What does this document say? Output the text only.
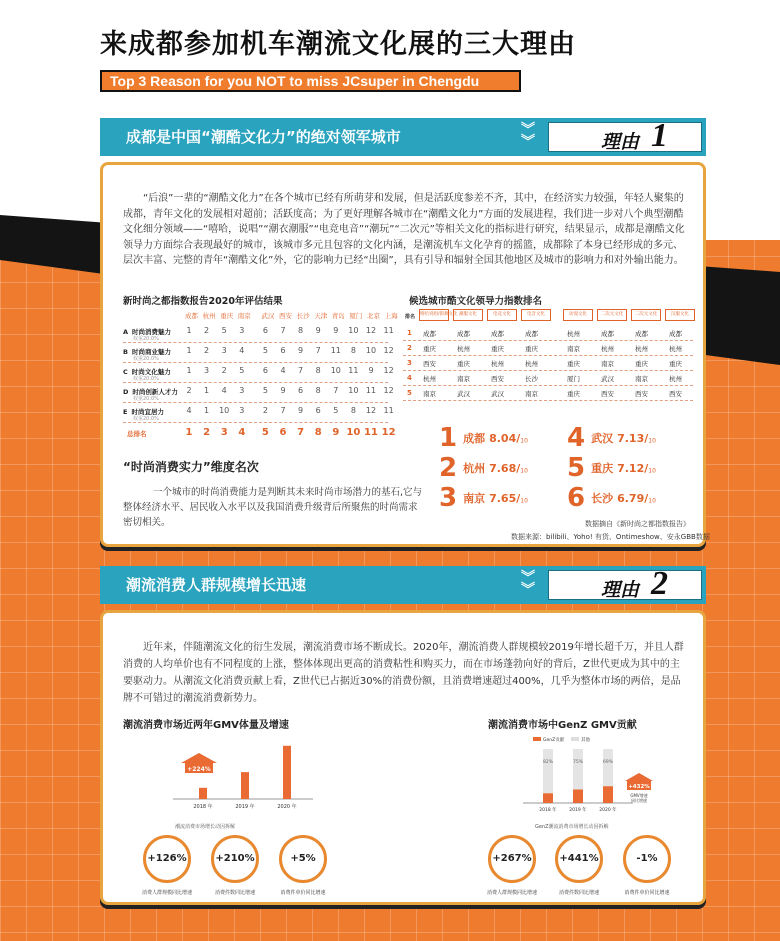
来成都参加机车潮流文化展的三大理由
Top 3 Reason for you NOT to miss JCsuper in Chengdu
成都是中国“潮酷文化力”的绝对领军城市	︾
︾	理由 1
“后浪”一辈的“潮酷文化力”在各个城市已经有所萌芽和发展，但是活跃度参差不齐，其中，在经济实力较强，年轻人聚集的成都，青年文化的发展相对超前；活跃度高；为了更好理解各城市在“潮酷文化力”方面的发展进程，我们进一步对八个典型潮酷文化细分领域——“嘻哈，说唱”“潮衣潮服”“电竞电音”“潮玩”“二次元”等相关文化的指标进行研究，结果显示，成都是潮酷文化领导力方面综合表现最好的城市，该城市多元且包容的文化内涵，是潮流机车文化孕育的摇篮，成都除了本身已经形成的多元、层次丰富、完整的青年“潮酷文化”外，它的影响力已经“出圈”，具有引导和辐射全国其他地区及城市的影响力和对外输出能力。
新时尚之都指数报告2020年评估结果
成都 杭州 重庆 南京 武汉 西安 长沙 天津 青岛 厦门 北京 上海
A 时尚消费魅力
权重20.0%
1	2	5	3	6	7	8	9	9	10 12 11
B 时尚商业魅力
权重20.0%
1	2	3	4	5	6	9	7	11	8	10 12
C 时尚文化魅力
权重20.0%
1	3	2	5	6	4	7	8	10 11	9	12
D 时尚创新人才力
权重20.0%
2	1	4	3	5	9	6	8	7	10 11 12
E 时尚宜居力
权重20.0%
4	1	10	3	2	7	9	6	5	8	12 11
总排名	1	2	3	4	5	6	7	8	9 10 11 12
候选城市酷文化领导力指数排名
排名 嘻哈说唱/街舞文化 潮服文化	电竞文化	电音文化	动漫文化	二次元文化	二次元文化	汉服文化
1 成都	成都	成都	成都	杭州	成都	成都	成都
2 重庆	杭州	重庆	重庆	南京	杭州	杭州	杭州
3 西安	重庆	杭州	杭州	重庆	南京	重庆	重庆
4 杭州	南京	西安	长沙	厦门	武汉	南京	杭州
5 南京	武汉	武汉	南京	重庆	西安	西安	西安
1 成都 8.04/10
2 杭州 7.68/10
3 南京 7.65/10
4 武汉 7.13/10
5 重庆 7.12/10
6 长沙 6.79/10
“时尚消费实力”维度名次
一个城市的时尚消费能力是判断其未来时尚市场潜力的基石,它与整体经济水平、居民收入水平以及我国消费升级背后所聚焦的时尚需求密切相关。	数据摘自《新时尚之都指数报告》
数据来源：bilibili、Yoho! 有货、Ontimeshow、安永GBB数据
潮流消费人群规模增长迅速	︾
︾	理由 2
近年来，伴随潮流文化的衍生发展，潮流消费市场不断成长。2020年，潮流消费人群规模较2019年增长超千万，并且人群消费的人均单价也有不同程度的上涨，整体体现出更高的消费粘性和购买力，而在市场蓬勃向好的背后，Z世代更成为其中的主要驱动力。从潮流文化消费贡献上看，Z世代已占据近30%的消费份额，且消费增速超过400%，几乎为整体市场的两倍，是品牌不可错过的潮流消费新势力。
潮流消费市场近两年GMV体量及增速
2018 年	2019 年	2020 年
+224%
潮流消费市场增长动因拆解
潮流消费市场中GenZ GMV贡献
GenZ贡献	其他
82%
2018 年
75%
2019 年
69%
2020 年
+432%
GMV增速
同比增速
GenZ潮流消费市场增长动因拆解
+126%
消费人群规模同比增速
+210%
消费件数同比增速
+5%
消费件单价同比增速
+267%
消费人群规模同比增速
+441%
消费件数同比增速
-1%
消费件单价同比增速
